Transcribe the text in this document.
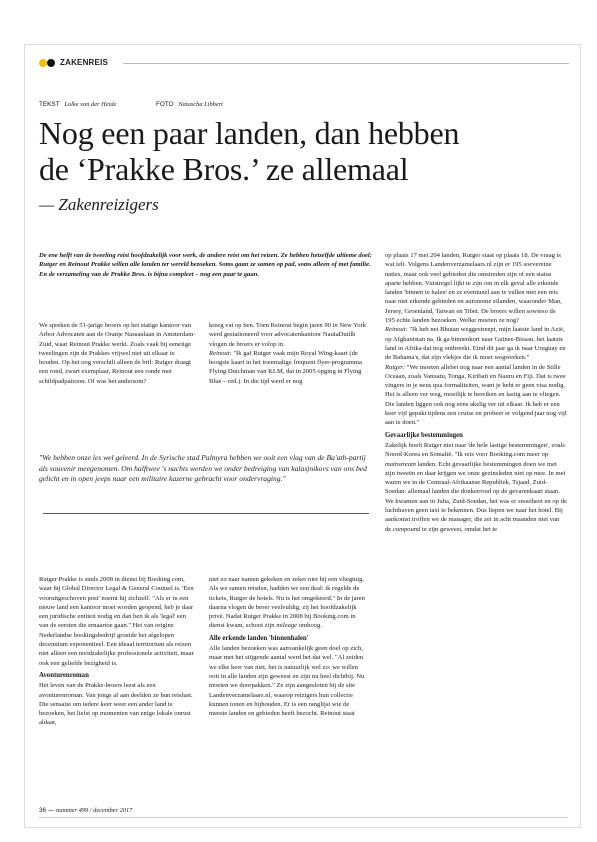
ZAKENREIS
TEKST Lolke van der Heide	FOTO Natascha Libbert
Nog een paar landen, dan hebben
de ‘Prakke Bros.’ ze allemaal
— Zakenreizigers

De ene helft van de tweeling reist hoofdzakelijk voor werk, de andere reist om het reizen. Ze hebben hetzelfde ultieme doel: Rutger en Reinout Prakke willen alle landen ter wereld bezoeken. Soms gaan ze samen op pad, soms alleen of met familie. En de verzameling van de Prakke Bros. is bijna compleet – nog een paar te gaan.

We spreken de 51-jarige broers op het statige kantoor van Arbor Advocaten aan de Oranje Nassaulaan in Amsterdam-Zuid, waar Reinout Prakke werkt. Zoals vaak bij eeneiige tweelingen zijn de Prakkes vrijwel niet uit elkaar te houden. Op het oog verschilt alleen de bril: Rutger draagt een rond, zwart exemplaar, Reinout een ronde met schildpadpatroon. Of was het andersom?

kreeg vat op hen. Toen Reinout begin jaren 90 in New York werd gestationeerd voor advocatenkantoor NautaDutilh vlogen de broers er volop in.
Reinout: "Ik gaf Rutger vaak mijn Royal Wing-kaart (de hoogste kaart in het toenmalige frequent flyer-programma Flying Dutchman van KLM, dat in 2005 opging in Flying Blue – red.). In die tijd werd er nog

"We hebben onze les wel geleerd. In de Syrische stad Palmyra hebben we ooit een vlag van de Ba'ath-partij als souvenir meegenomen. Om halftwee 's nachts werden we onder bedreiging van kalasjnikovs van ons bed gelicht en in open jeeps naar een militaire kazerne gebracht voor ondervraging."

Rutger Prakke is sinds 2008 in dienst bij Booking.com, waar hij Global Director Legal & General Counsel is. 'Een vooruitgeschoven post' noemt hij zichzelf. "Als er in een nieuw land een kantoor moet worden geopend, heb je daar een juridische entiteit nodig en dan ben ik als 'legal' een van de eersten die ernaartoe gaan." Het van origine Nederlandse bookingsbedrijf groeide het afgelopen decennium exponentieel. Een ideaal territorium als reizen niet alleen een noodzakelijke professionele activiteit, maar ook een geliefde bezigheid is.

Avonturenroman

Het leven van de Prakke-broers leest als een avonturenroman. Van jongs af aan deelden ze hun reislust. Die sensatie om iedere keer weer een ander land te bezoeken, het liefst op momenten van enige lokale onrust aldaar,

niet zo naar namen gekeken en zeker niet bij een vliegtuig. Als we samen reisden, hadden we een deal: ik regelde de tickets, Rutger de hotels. Nu is het omgekeerd." In de jaren daarna vlogen de broer veelvuldig, zij het hoofdzakelijk privé. Nadat Rutger Prakke in 2008 bij Booking.com in dienst kwam, schoot zijn mileage omhoog.

Alle erkende landen 'binnenhalen'

Alle landen bezoeken was aanvankelijk geen doel op zich, maar met het stijgende aantal werd het dat wel. "Al zeiden we elke keer van niet, het is natuurlijk wel zo: we willen ooit in alle landen zijn geweest en zijn nu heel dichtbij. Nu moeten we doorpakken." Ze zijn aangesloten bij de site Landenverzamelaars.nl, waarop reizigers hun collectie kunnen tonen en bijhouden. Er is een ranglijst wie de meeste landen en gebieden heeft bezocht. Reinout staat

op plaats 17 met 204 landen, Rutger staat op plaats 18. De vraag is wat telt. Volgens Landenverzamelaars.nl zijn er 195 soevereine naties, maar ook veel gebieden die omstreden zijn of een status aparte hebben. Vuistregel lijkt te zijn om in elk geval alle erkende landen 'binnen te halen' en ze eventueel aan te vullen met een reis naar niet erkende gebieden en autonome eilanden, waaronder Man, Jersey, Groenland, Taiwan en Tibet. De broers willen sowieso de 195 echte landen bezoeken. Welke moeten ze nog?

Reinout: "Ik heb net Bhutan weggestreept, mijn laatste land in Azië, op Afghanistan na. Ik ga binnenkort naar Guinee-Bissau, het laatste land in Afrika dat nog ontbreekt. Eind dit jaar ga ik naar Uruguay en de Bahama's, dat zijn vlekjes die ik moet wegwerken."

Rutger: "We moeten allebei nog naar een aantal landen in de Stille Oceaan, zoals Vanuatu, Tonga, Kiribati en Nauru en Fiji. Dat is twee vingers in je neus qua formaliteiten, want je hebt er geen visa nodig. Het is alleen ver weg, moeilijk te bereiken en lastig aan te vliegen. Die landen liggen ook nog eens akelig ver uit elkaar. Ik heb er een keer vijf gepakt tijdens een cruise en probeer er volgend jaar nog vijf aan te doen."

Gevaarlijke bestemmingen

Zakelijk hoeft Rutger niet naar 'de hele lastige bestemmingen', zoals Noord-Korea en Somalië. "Ik reis voor Booking.com meer op mainstream landen. Echt gevaarlijke bestemmingen doen we met zijn tweeën en daar krijgen we onze gezinsleden niet op mee. In mei waren we in de Centraal-Afrikaanse Republiek, Tsjaad, Zuid-Soedan: allemaal landen die donkerrood op de gevarenkaart staan. We kwamen aan in Juba, Zuid-Soedan, het was er snoeiheet en op de luchthaven geen taxi te bekennen. Dus liepen we naar het hotel. Bij aankomst troffen we de manager, die zei in acht maanden niet van de compound te zijn geweest, omdat het te

36 — nummer 499 / december 2017
